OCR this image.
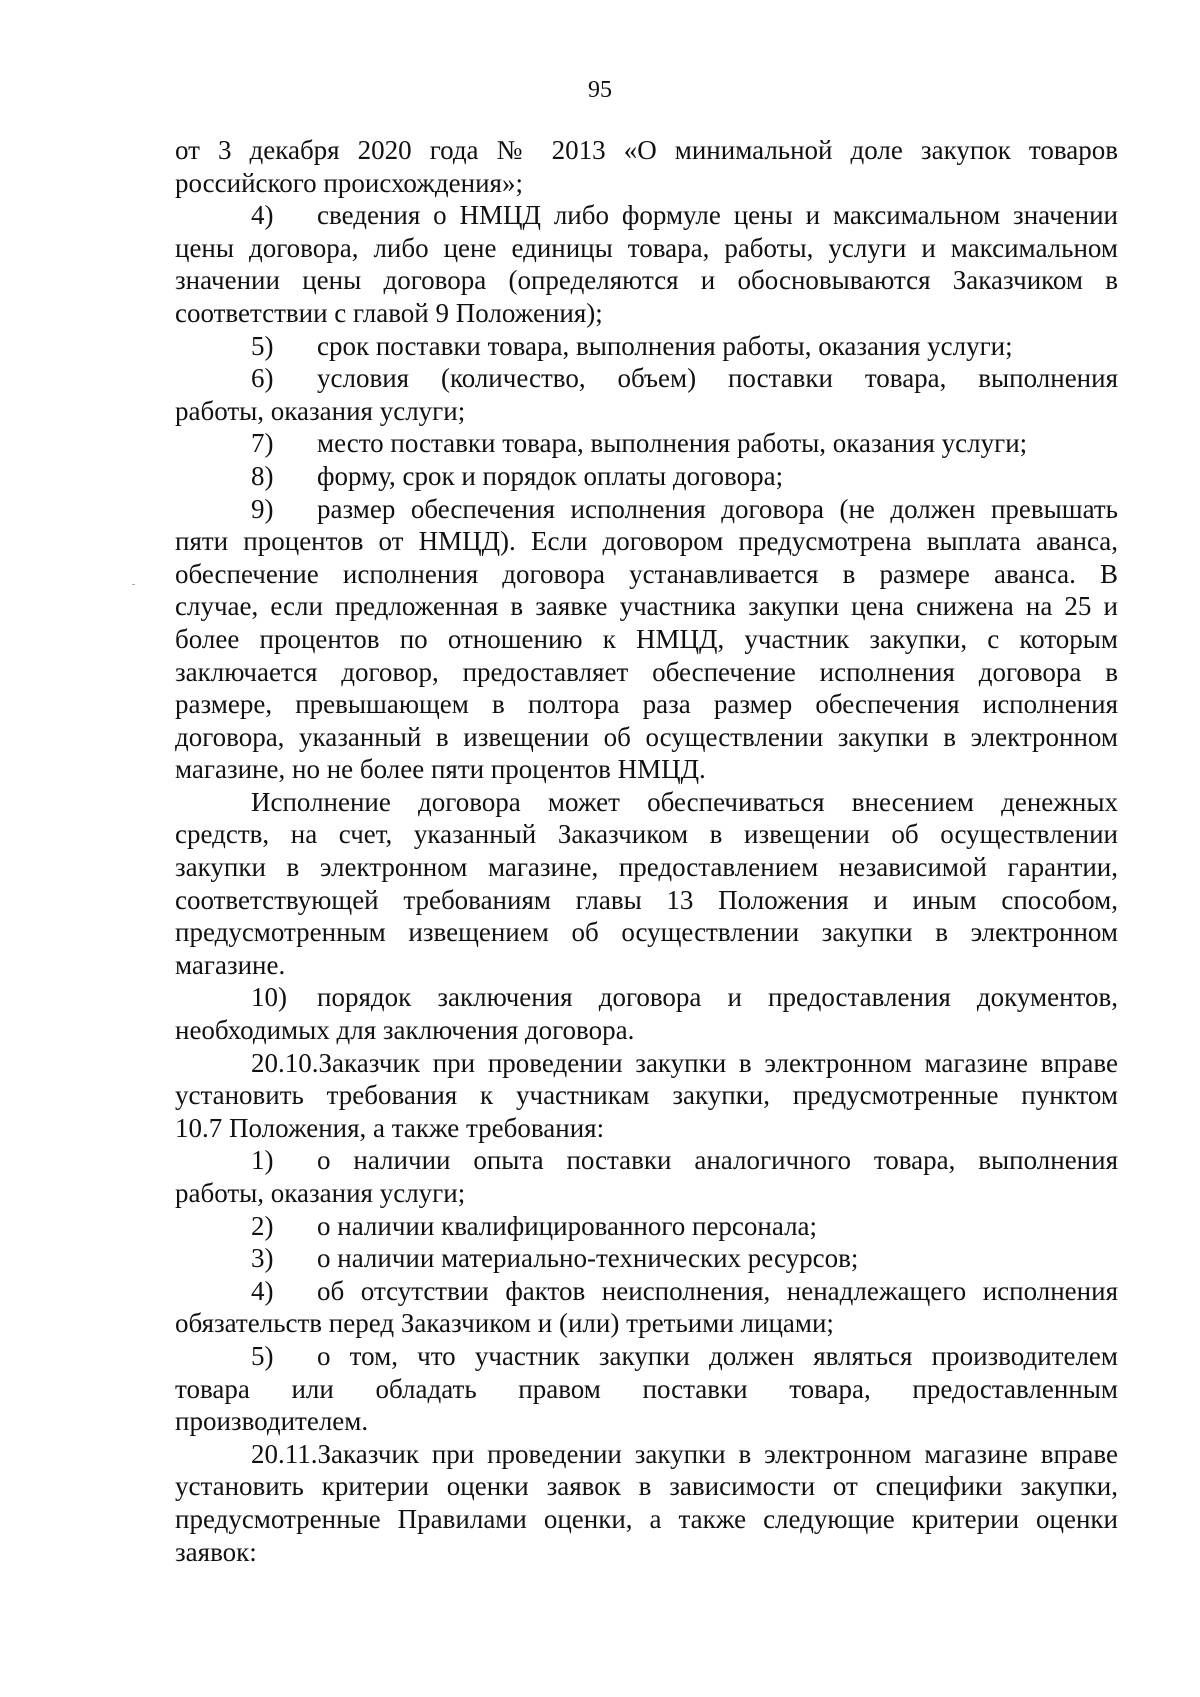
95
от 3 декабря 2020 года № 2013 «О минимальной доле закупок товаров
российского происхождения»;
4)	сведения о НМЦД либо формуле цены и максимальном значении
цены договора, либо цене единицы товара, работы, услуги и максимальном
значении цены договора (определяются и обосновываются Заказчиком в
соответствии с главой 9 Положения);
5)	срок поставки товара, выполнения работы, оказания услуги;
6)	условия (количество, объем) поставки товара, выполнения
работы, оказания услуги;
7)	место поставки товара, выполнения работы, оказания услуги;
8)	форму, срок и порядок оплаты договора;
9)	размер обеспечения исполнения договора (не должен превышать
пяти процентов от НМЦД). Если договором предусмотрена выплата аванса,
обеспечение исполнения договора устанавливается в размере аванса. В
случае, если предложенная в заявке участника закупки цена снижена на 25 и
более процентов по отношению к НМЦД, участник закупки, с которым
заключается договор, предоставляет обеспечение исполнения договора в
размере, превышающем в полтора раза размер обеспечения исполнения
договора, указанный в извещении об осуществлении закупки в электронном
магазине, но не более пяти процентов НМЦД.
Исполнение договора может обеспечиваться внесением денежных
средств, на счет, указанный Заказчиком в извещении об осуществлении
закупки в электронном магазине, предоставлением независимой гарантии,
соответствующей требованиям главы 13 Положения и иным способом,
предусмотренным извещением об осуществлении закупки в электронном
магазине.
10)	порядок заключения договора и предоставления документов,
необходимых для заключения договора.
20.10.Заказчик при проведении закупки в электронном магазине вправе
установить требования к участникам закупки, предусмотренные пунктом
10.7 Положения, а также требования:
1)	о наличии опыта поставки аналогичного товара, выполнения
работы, оказания услуги;
2)	о наличии квалифицированного персонала;
3)	о наличии материально-технических ресурсов;
4)	об отсутствии фактов неисполнения, ненадлежащего исполнения
обязательств перед Заказчиком и (или) третьими лицами;
5)	о том, что участник закупки должен являться производителем
товара или обладать правом поставки товара, предоставленным
производителем.
20.11.Заказчик при проведении закупки в электронном магазине вправе
установить критерии оценки заявок в зависимости от специфики закупки,
предусмотренные Правилами оценки, а также следующие критерии оценки
заявок:
